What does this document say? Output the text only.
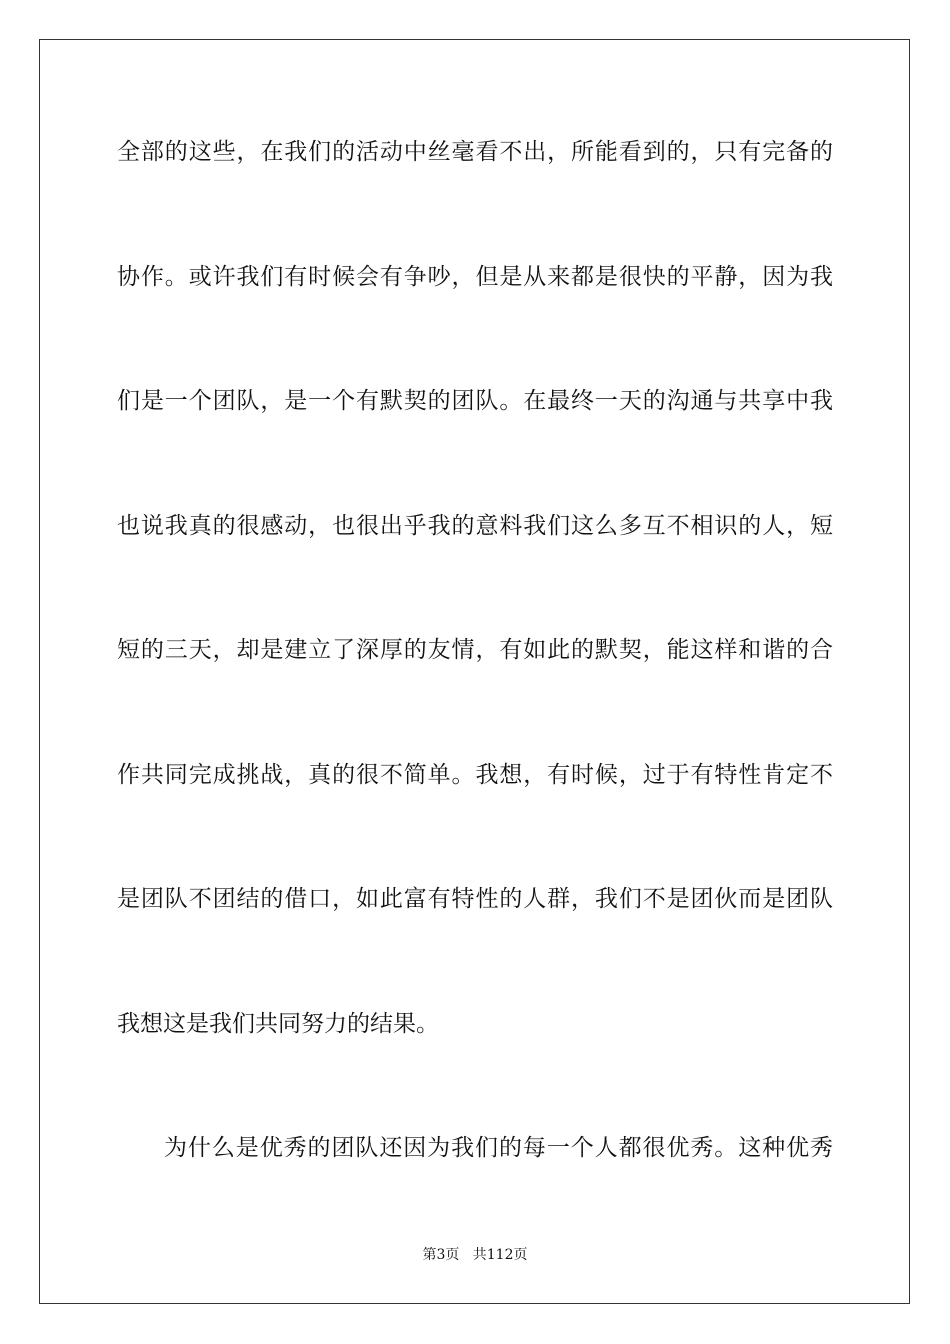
全部的这些，在我们的活动中丝毫看不出，所能看到的，只有完备的
协作。或许我们有时候会有争吵，但是从来都是很快的平静，因为我
们是一个团队，是一个有默契的团队。在最终一天的沟通与共享中我
也说我真的很感动，也很出乎我的意料我们这么多互不相识的人，短
短的三天，却是建立了深厚的友情，有如此的默契，能这样和谐的合
作共同完成挑战，真的很不简单。我想，有时候，过于有特性肯定不
是团队不团结的借口，如此富有特性的人群，我们不是团伙而是团队
我想这是我们共同努力的结果。
为什么是优秀的团队还因为我们的每一个人都很优秀。这种优秀
第3页 共112页
